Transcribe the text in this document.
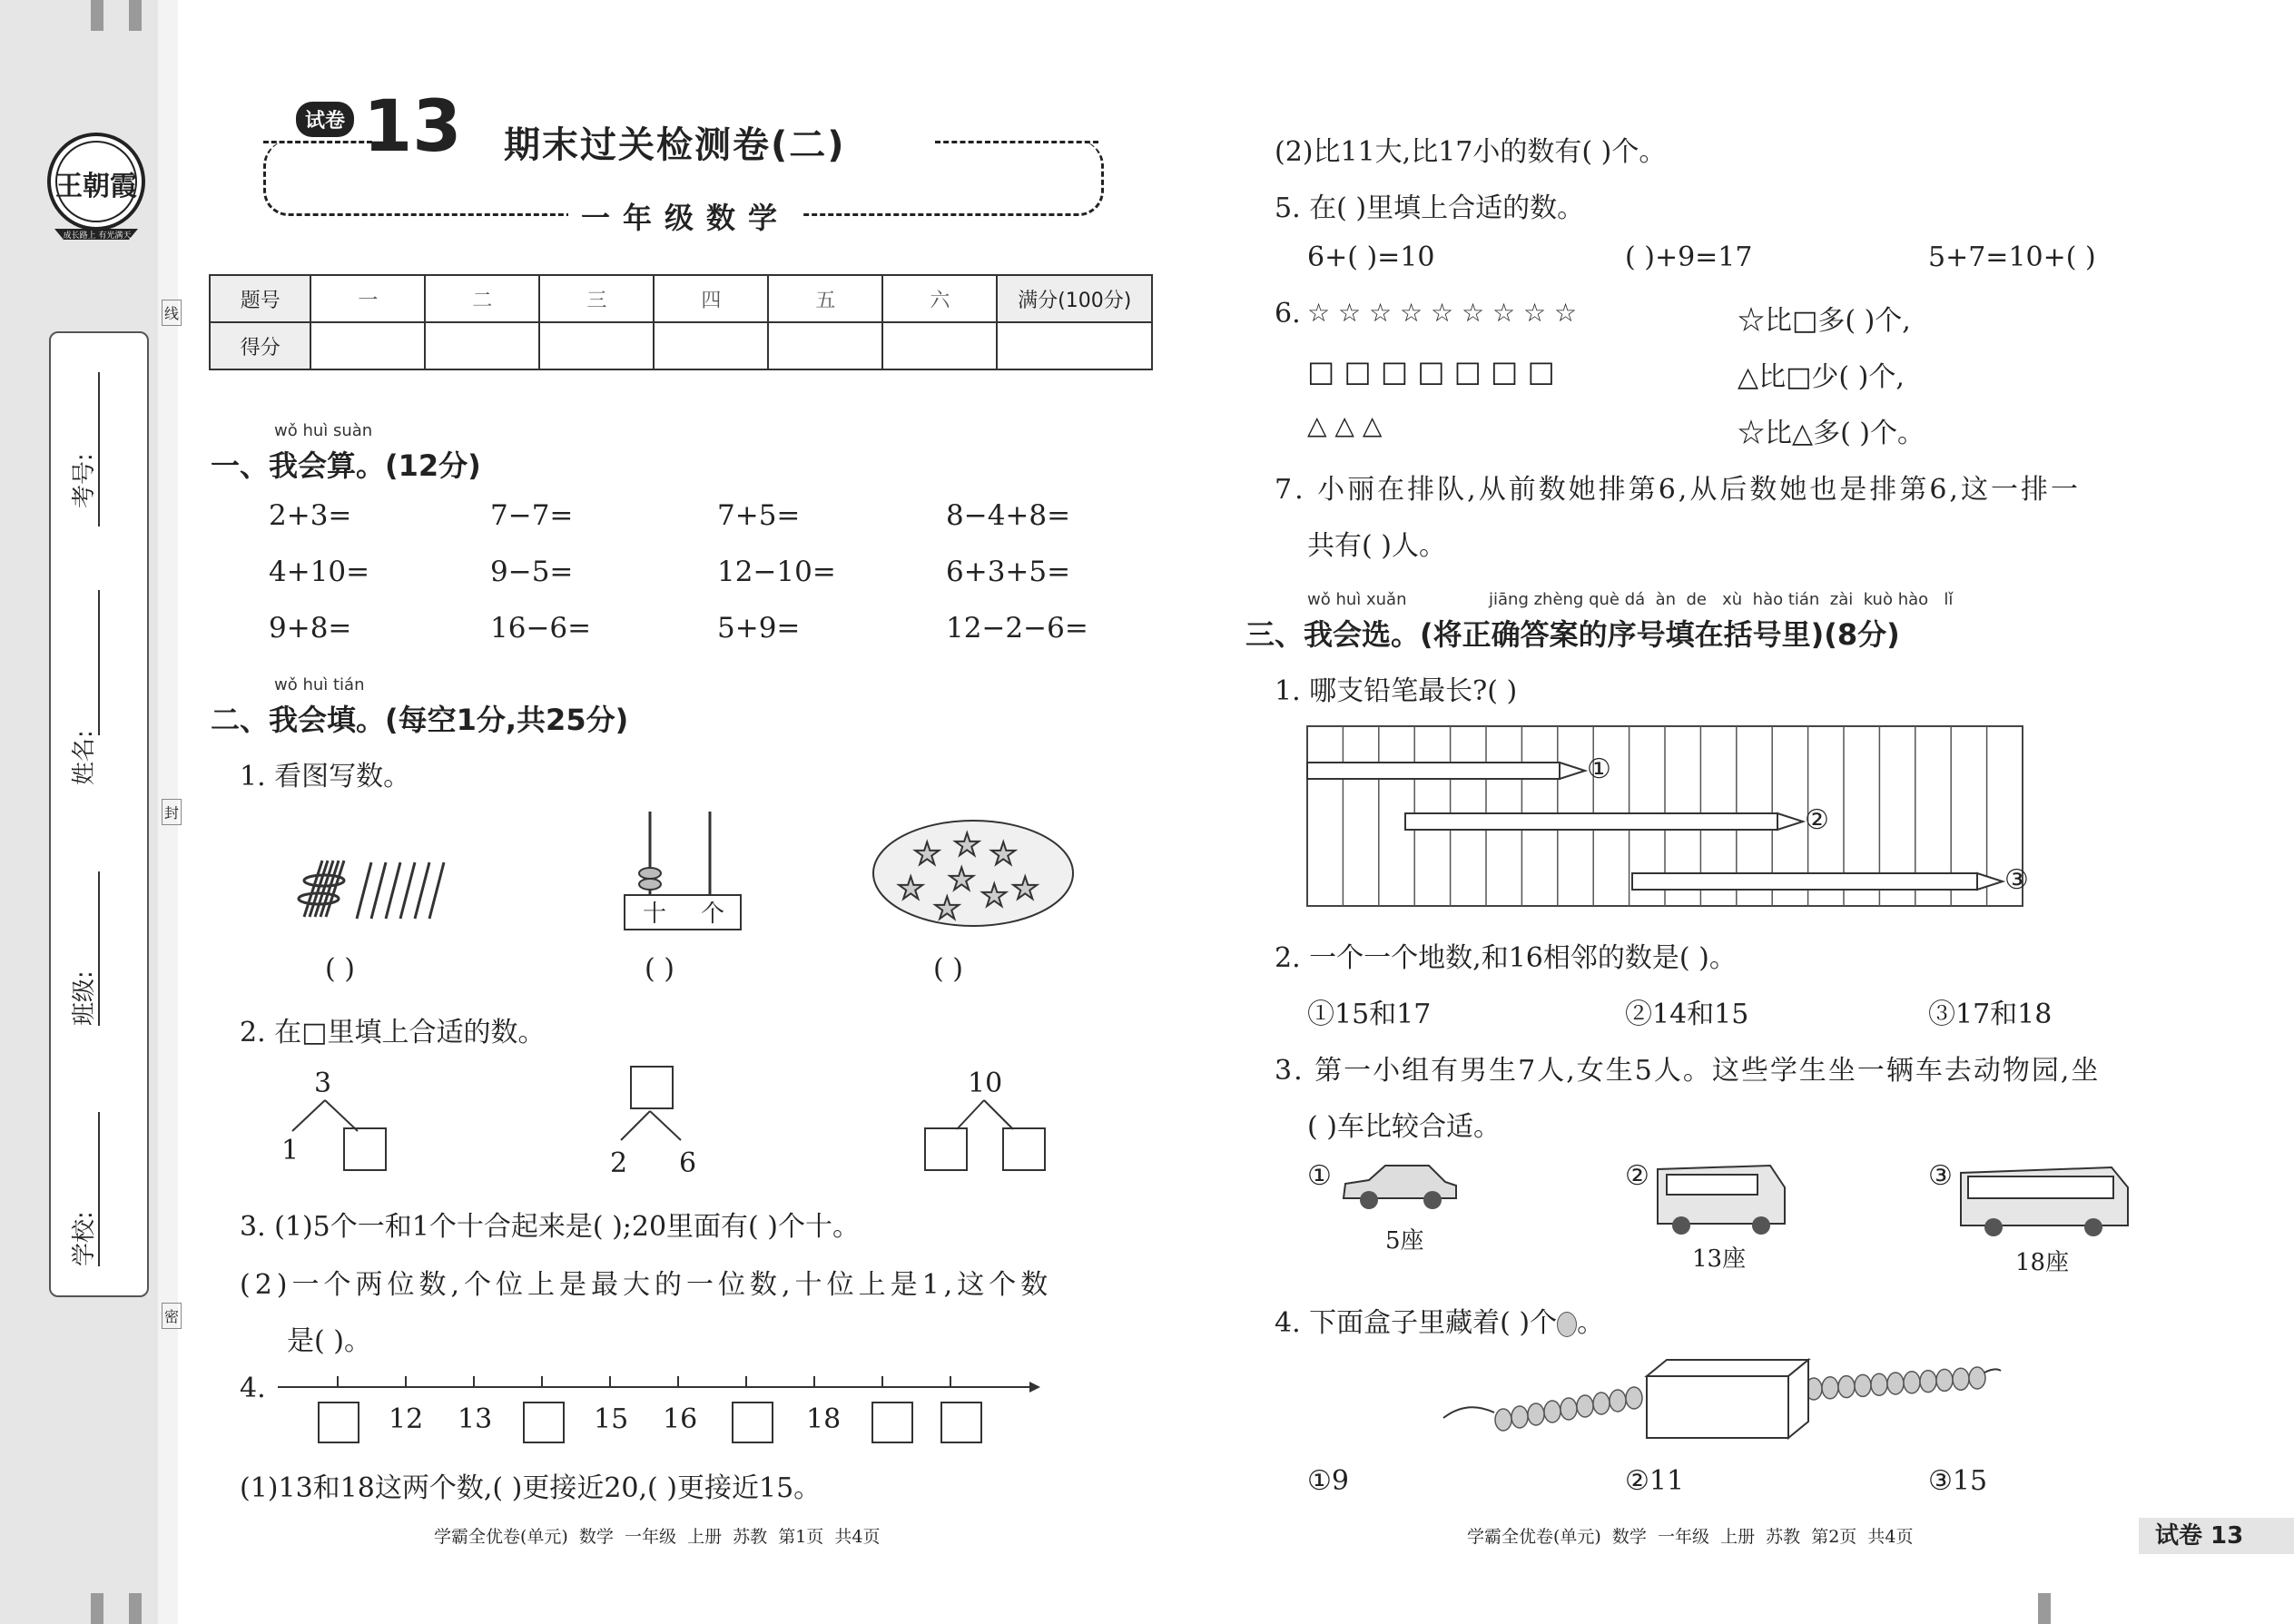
王朝霞
成长路上 有光满天
考号:
姓名:
班级:
学校:
线
封
密
试卷 13 期末过关检测卷(二)
一年级数学
题号	一	二	三	四	五	六	满分(100分)
得分							
wǒ huì suàn
一、我会算。(12分)
2+3=	7−7=	7+5=	8−4+8=
4+10=	9−5=	12−10=	6+3+5=
9+8=	16−6=	5+9=	12−2−6=
wǒ huì tián
二、我会填。(每空1分,共25分)
1. 看图写数。
十 个
★ ★ ★
★ ★ ★ ★
★
( )	( )	( )
2. 在□里填上合适的数。
3
1	2 6
10
3. (1)5个一和1个十合起来是( );20里面有( )个十。
(2)一个两位数,个位上是最大的一位数,十位上是1,这个数
是( )。
4.
12 13	15 16	18
(1)13和18这两个数,( )更接近20,( )更接近15。
学霸全优卷(单元)  数学  一年级  上册  苏教  第1页  共4页
(2)比11大,比17小的数有( )个。
5. 在( )里填上合适的数。
6+( )=10	( )+9=17	5+7=10+( )
6. ☆ ☆ ☆ ☆ ☆ ☆ ☆ ☆ ☆
□ □ □ □ □ □ □
△ △ △
☆比□多( )个,
△比□少( )个,
☆比△多( )个。
7. 小丽在排队,从前数她排第6,从后数她也是排第6,这一排一
共有( )人。
wǒ huì xuǎn	jiāng zhèng què dá  àn  de   xù  hào tián  zài  kuò hào   lǐ
三、我会选。(将正确答案的序号填在括号里)(8分)
1. 哪支铅笔最长?( )
①
②
③
2. 一个一个地数,和16相邻的数是( )。
①15和17	②14和15	③17和18
3. 第一小组有男生7人,女生5人。这些学生坐一辆车去动物园,坐
( )车比较合适。
①
5座
②
13座
③
18座
4. 下面盒子里藏着( )个 。
①9	②11	③15
学霸全优卷(单元)  数学  一年级  上册  苏教  第2页  共4页	试卷 13
